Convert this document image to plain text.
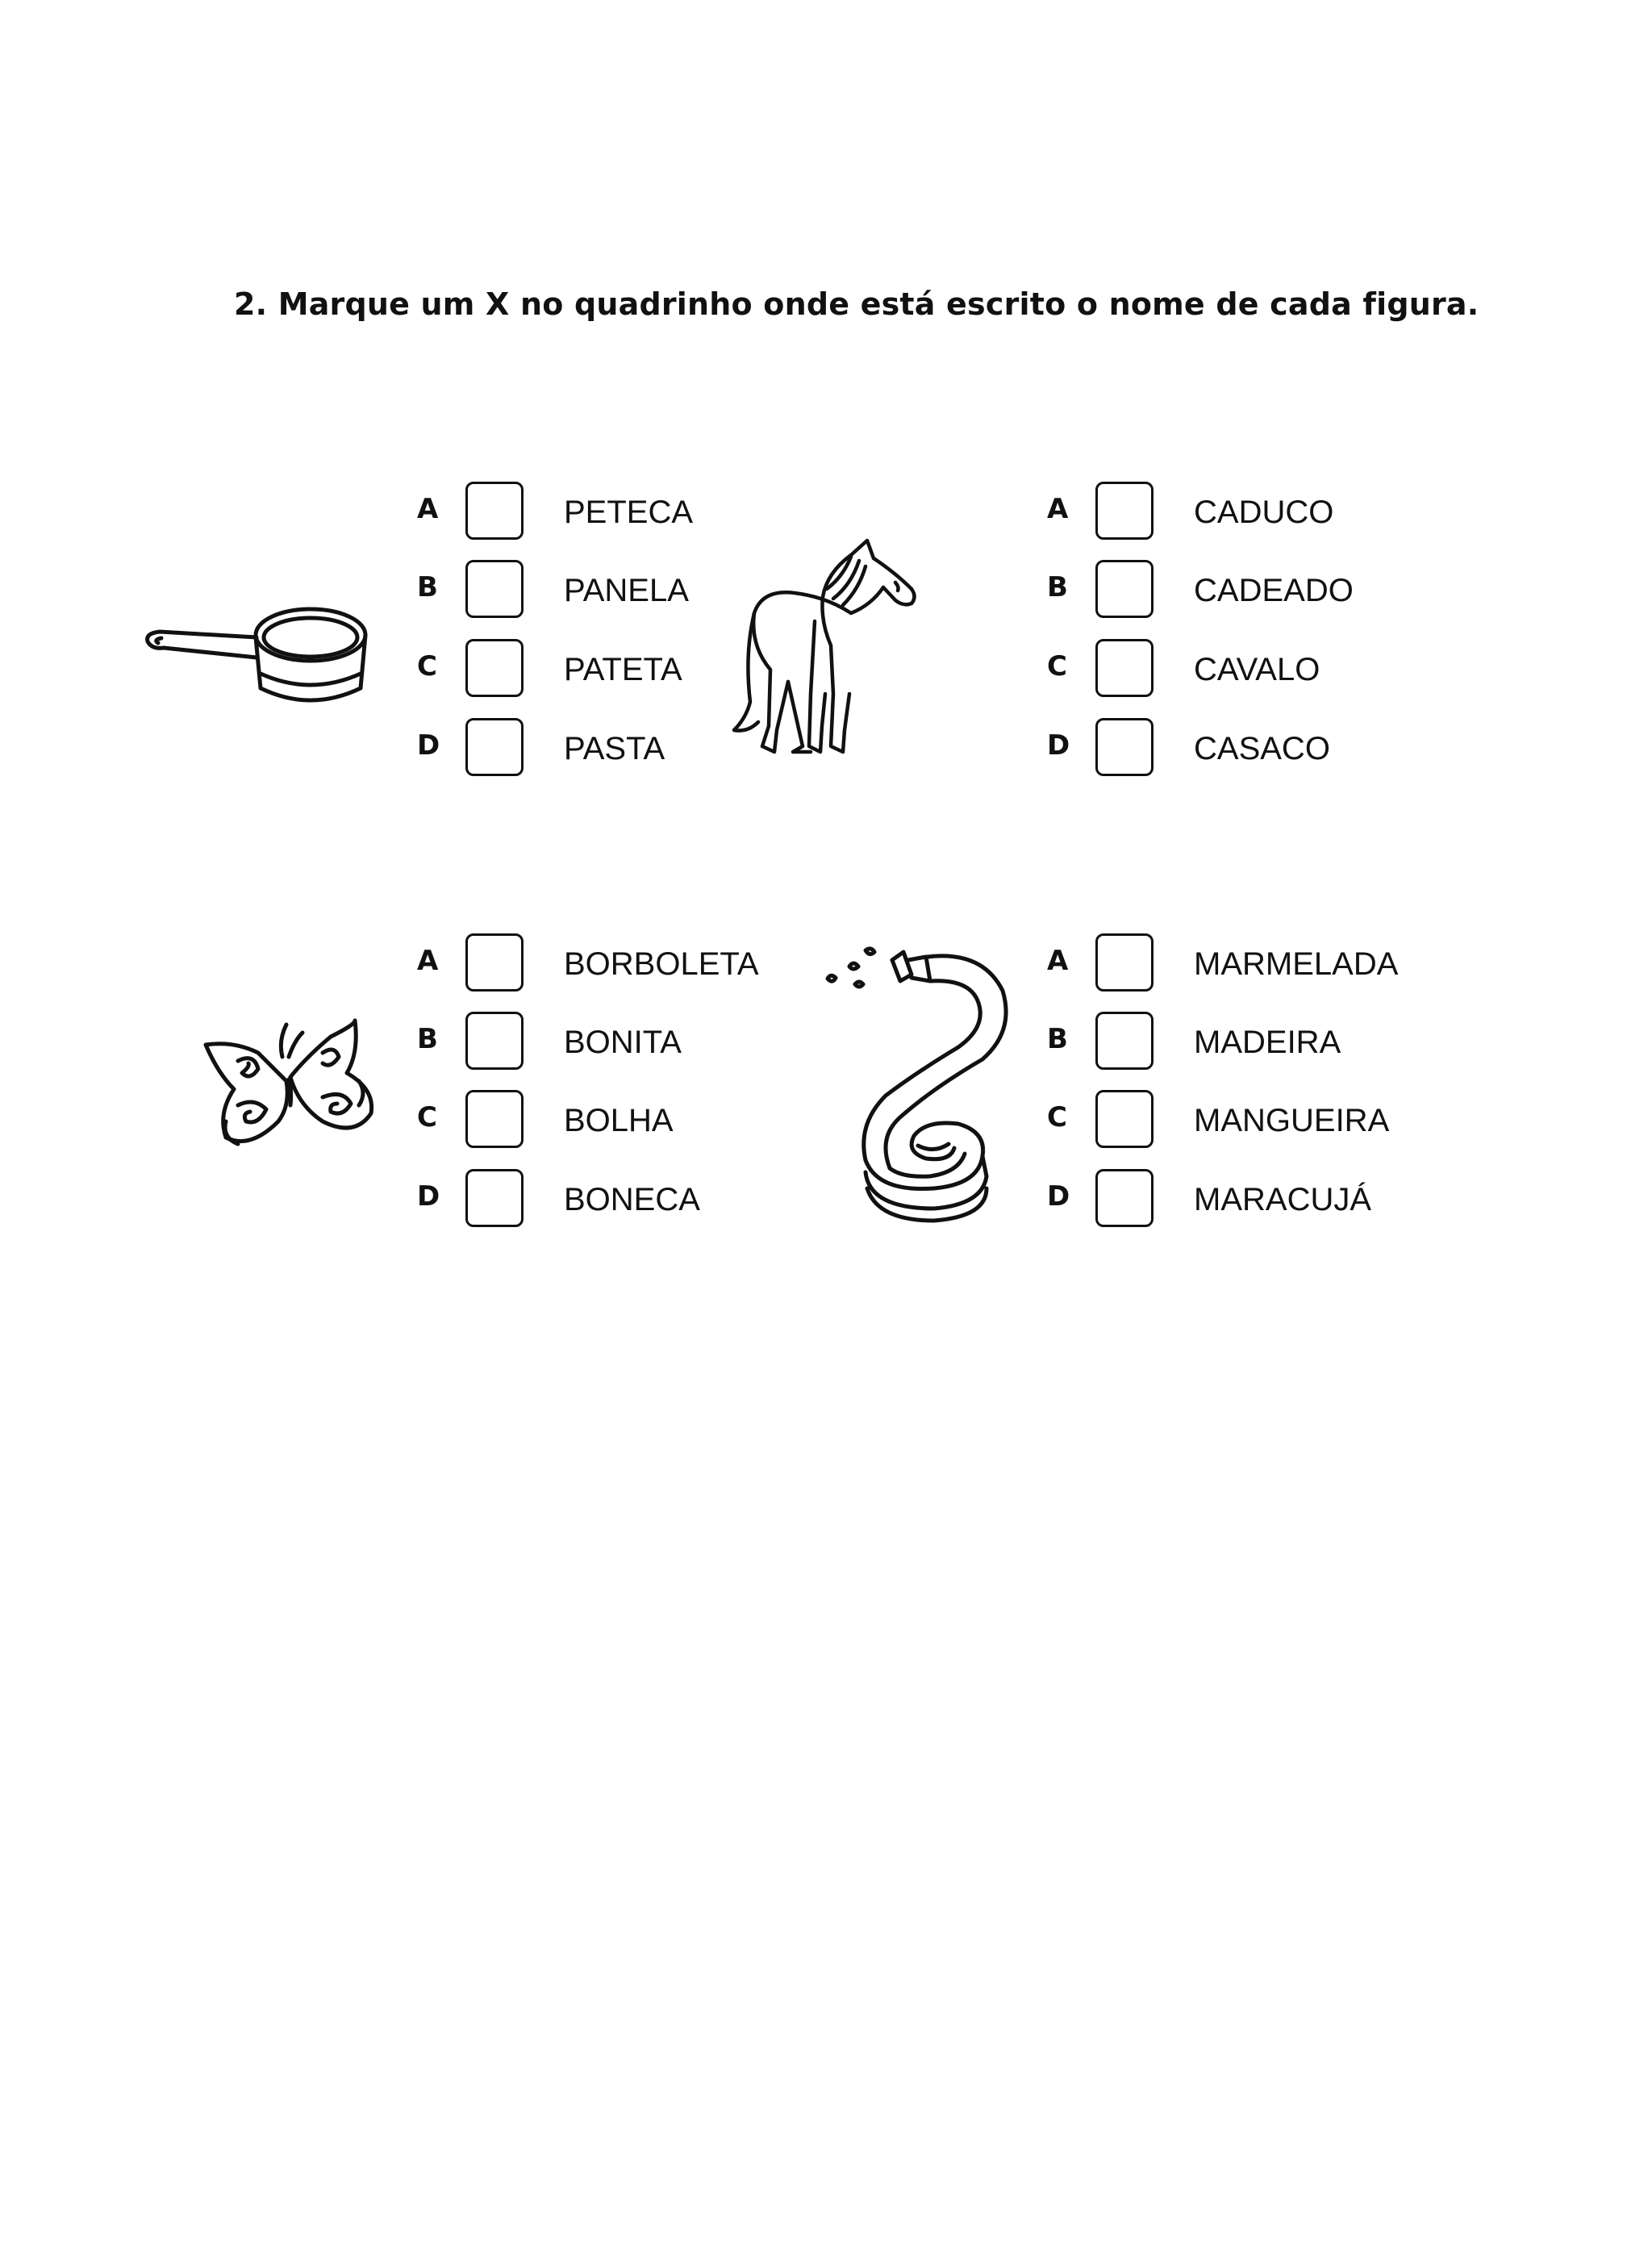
2. Marque um X no quadrinho onde está escrito o nome de cada figura.
A	PETECA
B	PANELA
C	PATETA
D	PASTA
A	CADUCO
B	CADEADO
C	CAVALO
D	CASACO
A	BORBOLETA
B	BONITA
C	BOLHA
D	BONECA
A	MARMELADA
B	MADEIRA
C	MANGUEIRA
D	MARACUJÁ
